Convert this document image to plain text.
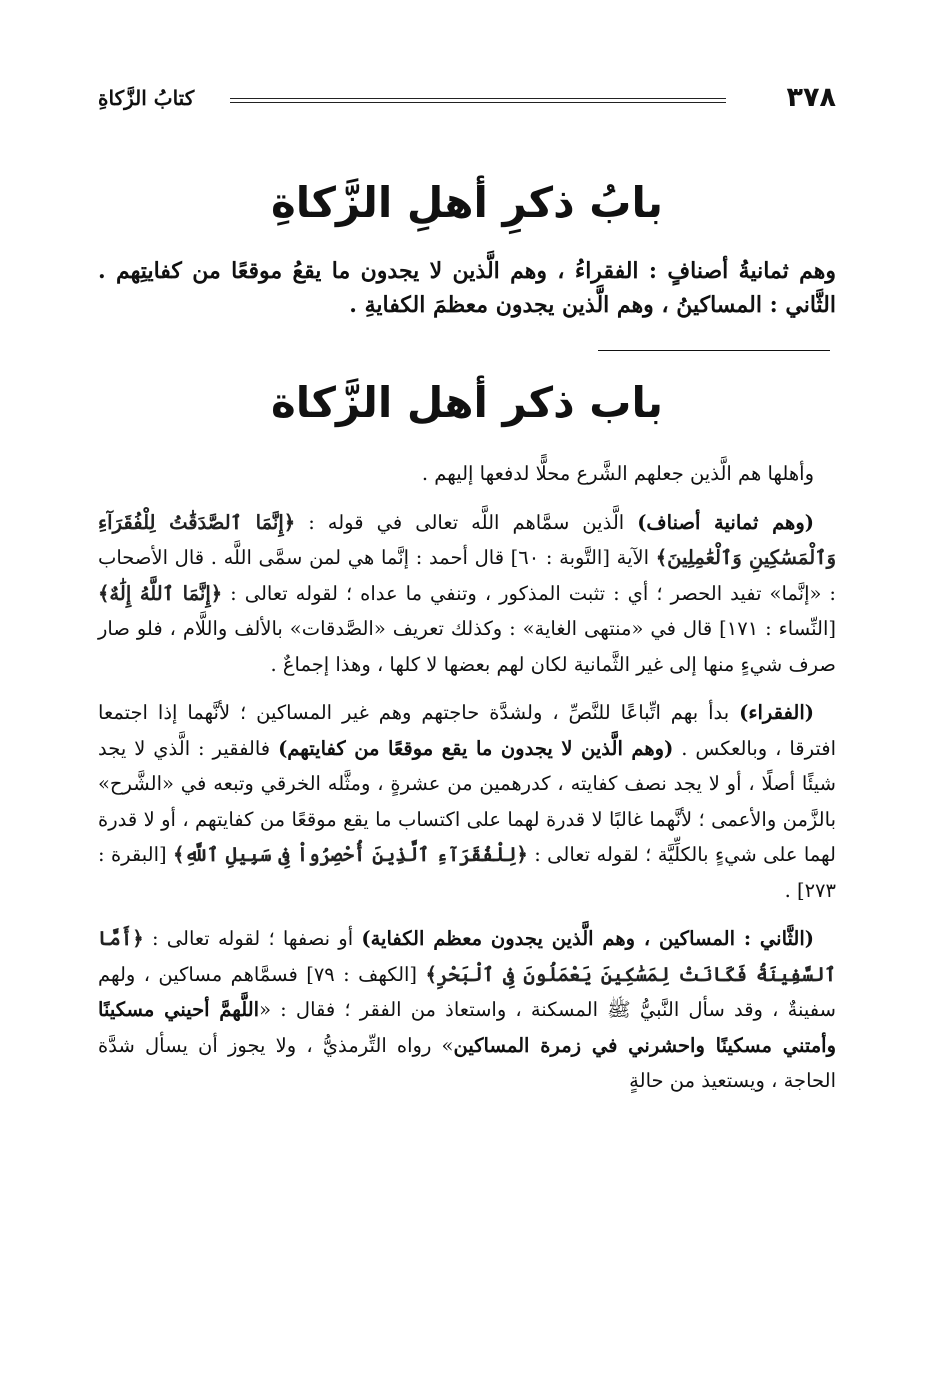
٣٧٨
كتابُ الزَّكاةِ
بابُ ذكرِ أهلِ الزَّكاةِ
وهم ثمانيةُ أصنافٍ : الفقراءُ ، وهم الَّذين لا يجدون ما يقعُ موقعًا من كفايتِهم . الثَّاني : المساكينُ ، وهم الَّذين يجدون معظمَ الكفايةِ .
باب ذكر أهل الزَّكاة

وأهلها هم الَّذين جعلهم الشَّرع محلًّا لدفعها إليهم .

(وهم ثمانية أصناف) الَّذين سمَّاهم اللَّه تعالى في قوله : ﴿إِنَّمَا ٱلصَّدَقَٰتُ لِلْفُقَرَآءِ وَٱلْمَسَٰكِينِ وَٱلْعَٰمِلِينَ﴾ الآية [التَّوبة : ٦٠] قال أحمد : إنَّما هي لمن سمَّى اللَّه . قال الأصحاب : «إنَّما» تفيد الحصر ؛ أي : تثبت المذكور ، وتنفي ما عداه ؛ لقوله تعالى : ﴿إِنَّمَا ٱللَّهُ إِلَٰهٌ﴾ [النِّساء : ١٧١] قال في «منتهى الغاية» : وكذلك تعريف «الصَّدقات» بالألف واللَّام ، فلو صار صرف شيءٍ منها إلى غير الثَّمانية لكان لهم بعضها لا كلها ، وهذا إجماعٌ .

(الفقراء) بدأ بهم اتِّباعًا للنَّصِّ ، ولشدَّة حاجتهم وهم غير المساكين ؛ لأنَّهما إذا اجتمعا افترقا ، وبالعكس . (وهم الَّذين لا يجدون ما يقع موقعًا من كفايتهم) فالفقير : الَّذي لا يجد شيئًا أصلًا ، أو لا يجد نصف كفايته ، كدرهمين من عشرةٍ ، ومثَّله الخرقي وتبعه في «الشَّرح» بالزَّمن والأعمى ؛ لأنَّهما غالبًا لا قدرة لهما على اكتساب ما يقع موقعًا من كفايتهم ، أو لا قدرة لهما على شيءٍ بالكلِّيَّة ؛ لقوله تعالى : ﴿لِلْفُقَرَآءِ ٱلَّذِينَ أُحْصِرُواْ فِى سَبِيلِ ٱللَّهِ﴾ [البقرة : ٢٧٣] .

(الثَّاني : المساكين ، وهم الَّذين يجدون معظم الكفاية) أو نصفها ؛ لقوله تعالى : ﴿أَمَّا ٱلسَّفِينَةُ فَكَانَتْ لِمَسَٰكِينَ يَعْمَلُونَ فِى ٱلْبَحْرِ﴾ [الكهف : ٧٩] فسمَّاهم مساكين ، ولهم سفينةٌ ، وقد سأل النَّبيُّ ﷺ المسكنة ، واستعاذ من الفقر ؛ فقال : «اللَّهمَّ أحيني مسكينًا وأمتني مسكينًا واحشرني في زمرة المساكين» رواه التِّرمذيُّ ، ولا يجوز أن يسأل شدَّة الحاجة ، ويستعيذ من حالةٍ
